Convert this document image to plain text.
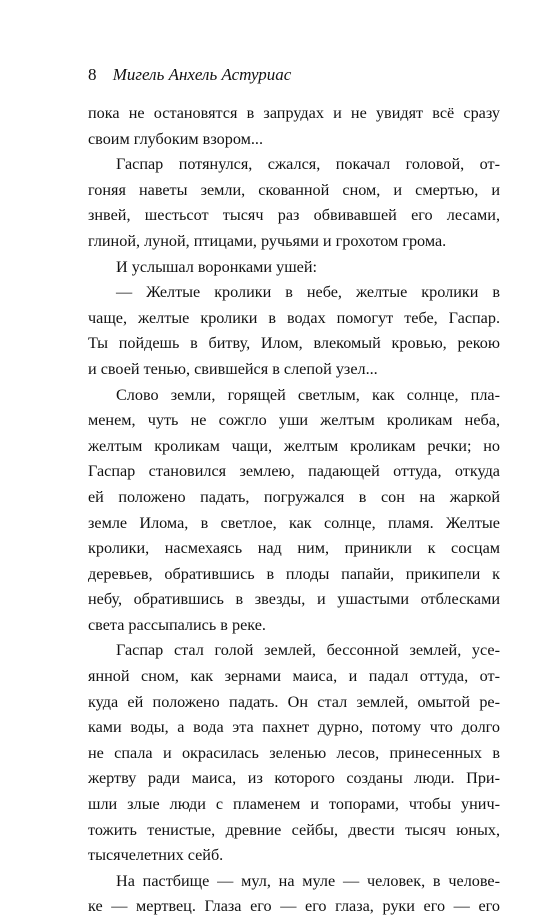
8 Мигель Анхель Астуриас
пока не остановятся в запрудах и не увидят всё сразу
своим глубоким взором...
Гаспар потянулся, сжался, покачал головой, от-
гоняя наветы земли, скованной сном, и смертью, и
знвей, шестьсот тысяч раз обвивавшей его лесами,
глиной, луной, птицами, ручьями и грохотом грома.
И услышал воронками ушей:
— Желтые кролики в небе, желтые кролики в
чаще, желтые кролики в водах помогут тебе, Гаспар.
Ты пойдешь в битву, Илом, влекомый кровью, рекою
и своей тенью, свившейся в слепой узел...
Слово земли, горящей светлым, как солнце, пла-
менем, чуть не сожгло уши желтым кроликам неба,
желтым кроликам чащи, желтым кроликам речки; но
Гаспар становился землею, падающей оттуда, откуда
ей положено падать, погружался в сон на жаркой
земле Илома, в светлое, как солнце, пламя. Желтые
кролики, насмехаясь над ним, приникли к сосцам
деревьев, обратившись в плоды папайи, прикипели к
небу, обратившись в звезды, и ушастыми отблесками
света рассыпались в реке.
Гаспар стал голой землей, бессонной землей, усе-
янной сном, как зернами маиса, и падал оттуда, от-
куда ей положено падать. Он стал землей, омытой ре-
ками воды, а вода эта пахнет дурно, потому что долго
не спала и окрасилась зеленью лесов, принесенных в
жертву ради маиса, из которого созданы люди. При-
шли злые люди с пламенем и топорами, чтобы унич-
тожить тенистые, древние сейбы, двести тысяч юных,
тысячелетних сейб.
На пастбище — мул, на муле — человек, в челове-
ке — мертвец. Глаза его — его глаза, руки его — его
